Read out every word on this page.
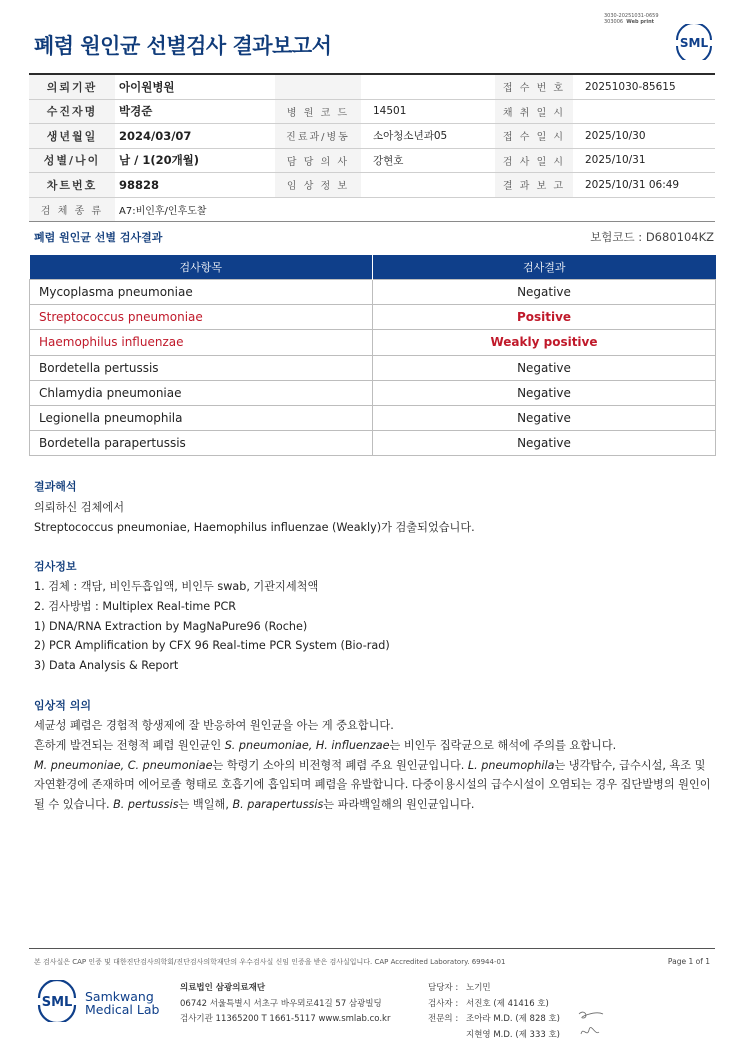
폐렴 원인균 선별검사 결과보고서
3030-20251031-0659
303006 Web print
SML
의뢰기관	아이원병원			접 수 번 호	20251030-85615
수진자명	박경준	병 원 코 드	14501	채 취 일 시	
생년월일	2024/03/07	진료과/병동	소아청소년과05	접 수 일 시	2025/10/30
성별/나이	남 / 1(20개월)	담 당 의 사	강현호	검 사 일 시	2025/10/31
차트번호	98828	임 상 정 보		결 과 보 고	2025/10/31 06:49
검 체 종 류	A7:비인후/인후도찰				
폐렴 원인균 선별 검사결과	보험코드 : D680104KZ
검사항목	검사결과
Mycoplasma pneumoniae	Negative
Streptococcus pneumoniae	Positive
Haemophilus influenzae	Weakly positive
Bordetella pertussis	Negative
Chlamydia pneumoniae	Negative
Legionella pneumophila	Negative
Bordetella parapertussis	Negative
결과해석
의뢰하신 검체에서
Streptococcus pneumoniae, Haemophilus influenzae (Weakly)가 검출되었습니다.
검사정보
1. 검체 : 객담, 비인두흡입액, 비인두 swab, 기관지세척액
2. 검사방법 : Multiplex Real-time PCR
1) DNA/RNA Extraction by MagNaPure96 (Roche)
2) PCR Amplification by CFX 96 Real-time PCR System (Bio-rad)
3) Data Analysis & Report
임상적 의의
세균성 폐렴은 경험적 항생제에 잘 반응하여 원인균을 아는 게 중요합니다.
흔하게 발견되는 전형적 폐렴 원인균인 S. pneumoniae, H. influenzae는 비인두 집락균으로 해석에 주의를 요합니다.
M. pneumoniae, C. pneumoniae는 학령기 소아의 비전형적 폐렴 주요 원인균입니다. L. pneumophila는 냉각탑수, 급수시설, 욕조 및
자연환경에 존재하며 에어로졸 형태로 호흡기에 흡입되며 폐렴을 유발합니다. 다중이용시설의 급수시설이 오염되는 경우 집단발병의 원인이
될 수 있습니다. B. pertussis는 백일해, B. parapertussis는 파라백일해의 원인균입니다.
본 검사실은 CAP 인증 및 대한진단검사의학회/진단검사의학재단의 우수검사실 신임 인증을 받은 검사실입니다. CAP Accredited Laboratory. 69944-01	Page 1 of 1
SML Samkwang
Medical Lab
의료법인 삼광의료재단
06742 서울특별시 서초구 바우뫼로41길 57 삼광빌딩
검사기관 11365200 T 1661-5117 www.smlab.co.kr
담당자 : 노기민
검사자 : 서진호 (제 41416 호)
전문의 : 조아라 M.D. (제 828 호)
지현영 M.D. (제 333 호)
